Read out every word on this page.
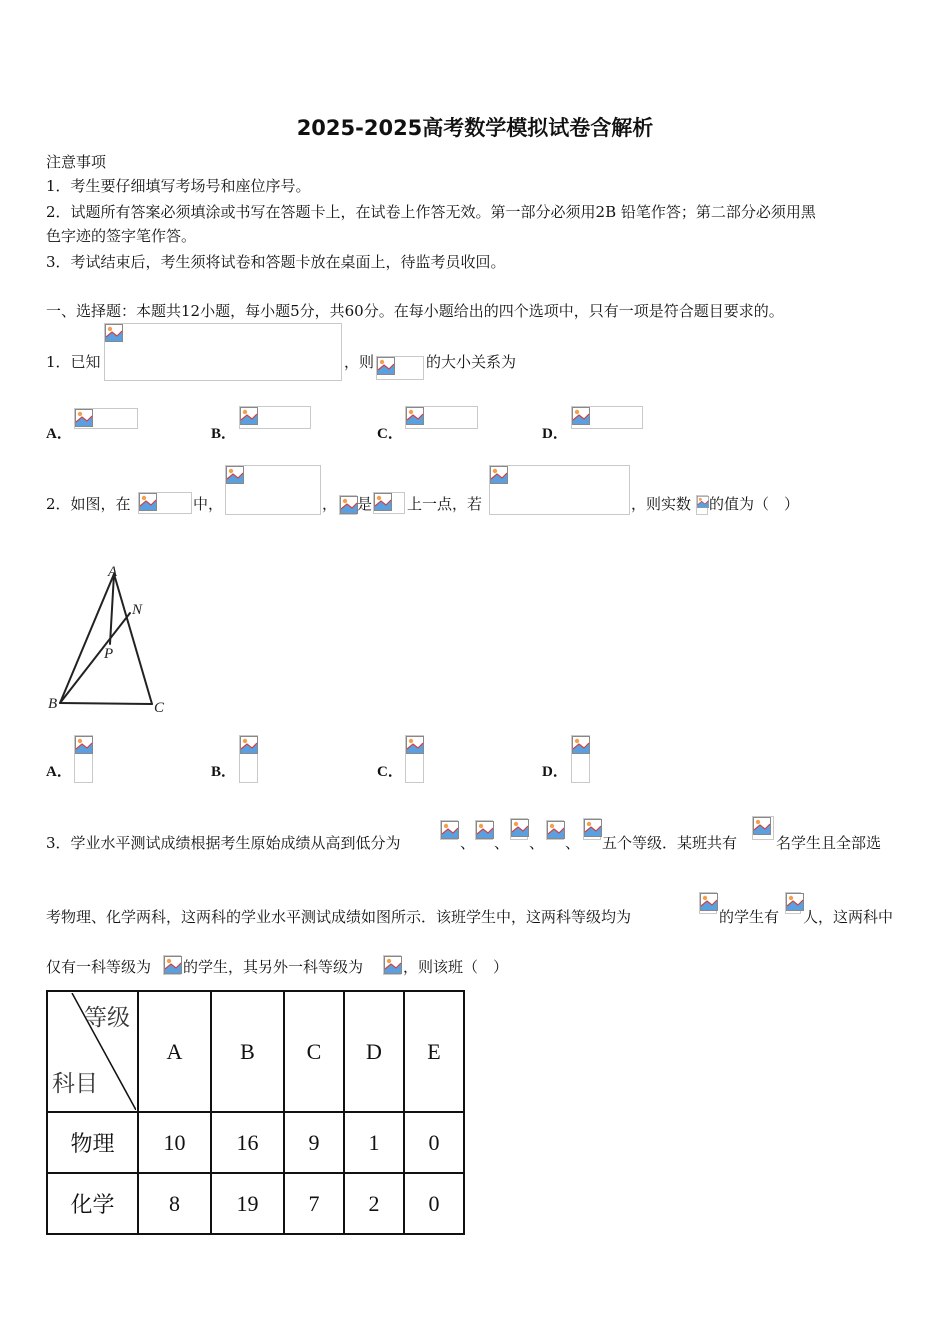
2025-2025高考数学模拟试卷含解析
注意事项
1．考生要仔细填写考场号和座位序号。
2．试题所有答案必须填涂或书写在答题卡上，在试卷上作答无效。第一部分必须用2B 铅笔作答；第二部分必须用黑
色字迹的签字笔作答。
3．考试结束后，考生须将试卷和答题卡放在桌面上，待监考员收回。
一、选择题：本题共12小题，每小题5分，共60分。在每小题给出的四个选项中，只有一项是符合题目要求的。
1．已知	，则	的大小关系为
A．	B．	C．	D．
2．如图，在	中，	， 是 上一点，若	，则实数 的值为（　）
A
N
P
B	C
A．	B．	C．	D．
3．学业水平测试成绩根据考生原始成绩从高到低分为	、 、 、 、 五个等级．某班共有	名学生且全部选
考物理、化学两科，这两科的学业水平测试成绩如图所示．该班学生中，这两科等级均为	的学生有 人，这两科中
仅有一科等级为 的学生，其另外一科等级为	，则该班（　）
等级
科目	A	B	C	D	E
物理	10	16	9	1	0
化学	8	19	7	2	0
